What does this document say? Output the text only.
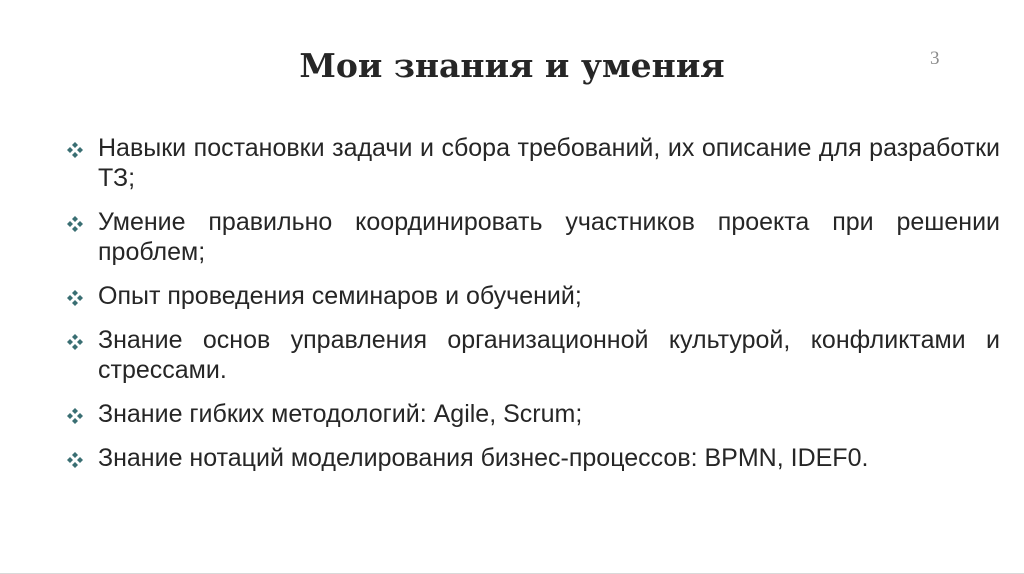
Мои знания и умения	3
Навыки постановки задачи и сбора требований, их описание для разработки ТЗ;
Умение правильно координировать участников проекта при решении проблем;
Опыт проведения семинаров и обучений;
Знание основ управления организационной культурой, конфликтами и стрессами.
Знание гибких методологий: Agile, Scrum;
Знание нотаций моделирования бизнес-процессов: BPMN, IDEF0.
